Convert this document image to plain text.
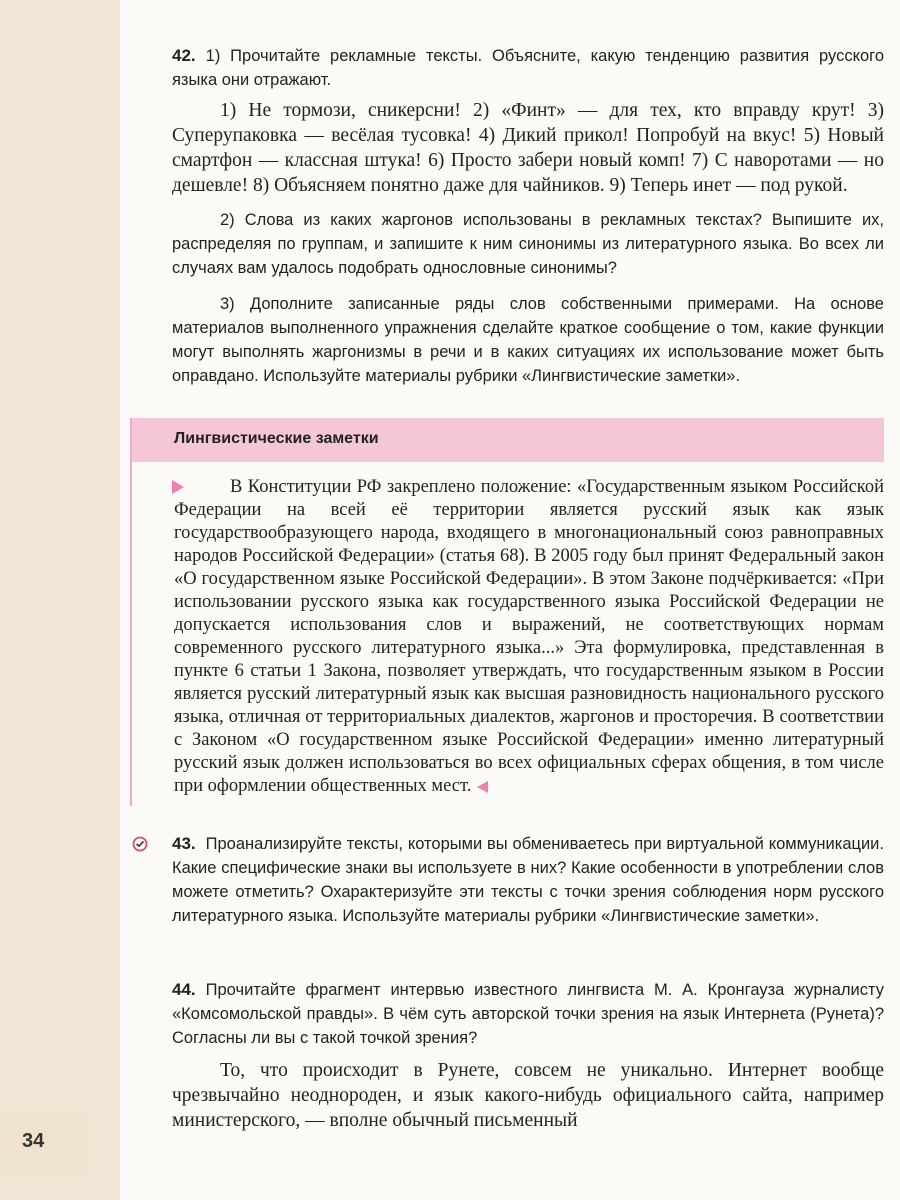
42. 1) Прочитайте рекламные тексты. Объясните, какую тенденцию развития русского языка они отражают.

1) Не тормози, сникерсни! 2) «Финт» — для тех, кто вправду крут! 3) Суперупаковка — весёлая тусовка! 4) Дикий прикол! Попробуй на вкус! 5) Новый смартфон — классная штука! 6) Просто забери новый комп! 7) С наворотами — но дешевле! 8) Объясняем понятно даже для чайников. 9) Теперь инет — под рукой.

2) Слова из каких жаргонов использованы в рекламных текстах? Выпишите их, распределяя по группам, и запишите к ним синонимы из литературного языка. Во всех ли случаях вам удалось подобрать однословные синонимы?

3) Дополните записанные ряды слов собственными примерами. На основе материалов выполненного упражнения сделайте краткое сообщение о том, какие функции могут выполнять жаргонизмы в речи и в каких ситуациях их использование может быть оправдано. Используйте материалы рубрики «Лингвистические заметки».

Лингвистические заметки

В Конституции РФ закреплено положение: «Государственным языком Российской Федерации на всей её территории является русский язык как язык государствообразующего народа, входящего в многонациональный союз равноправных народов Российской Федерации» (статья 68). В 2005 году был принят Федеральный закон «О государственном языке Российской Федерации». В этом Законе подчёркивается: «При использовании русского языка как государственного языка Российской Федерации не допускается использования слов и выражений, не соответствующих нормам современного русского литературного языка...» Эта формулировка, представленная в пункте 6 статьи 1 Закона, позволяет утверждать, что государственным языком в России является русский литературный язык как высшая разновидность национального русского языка, отличная от территориальных диалектов, жаргонов и просторечия. В соответствии с Законом «О государственном языке Российской Федерации» именно литературный русский язык должен использоваться во всех официальных сферах общения, в том числе при оформлении общественных мест.

43. Проанализируйте тексты, которыми вы обмениваетесь при виртуальной коммуникации. Какие специфические знаки вы используете в них? Какие особенности в употреблении слов можете отметить? Охарактеризуйте эти тексты с точки зрения соблюдения норм русского литературного языка. Используйте материалы рубрики «Лингвистические заметки».

44. Прочитайте фрагмент интервью известного лингвиста М. А. Кронгауза журналисту «Комсомольской правды». В чём суть авторской точки зрения на язык Интернета (Рунета)? Согласны ли вы с такой точкой зрения?

То, что происходит в Рунете, совсем не уникально. Интернет вообще чрезвычайно неоднороден, и язык какого-нибудь официального сайта, например министерского, — вполне обычный письменный

34
